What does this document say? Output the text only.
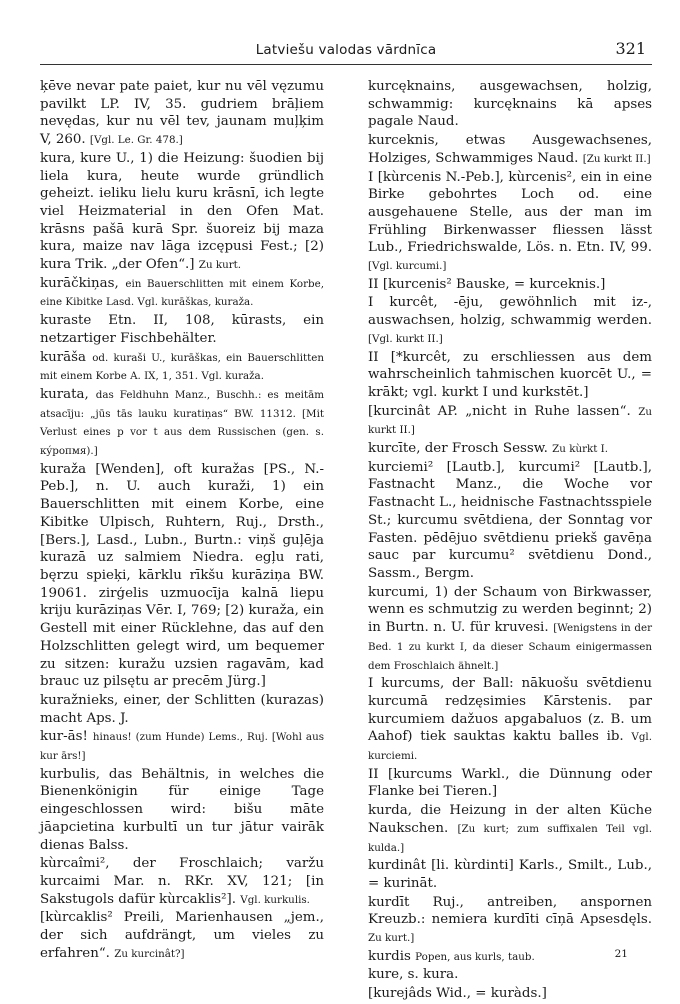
Latviešu valodas vārdnīca	321

ķēve nevar pate paiet, kur nu vēl vęzumu pavilkt LP. IV, 35. gudriem brāļiem nevędas, kur nu vēl tev, jaunam muļķim V, 260. [Vgl. Le. Gr. 478.]

kura, kure U., 1) die Heizung: šuodien bij liela kura, heute wurde gründlich geheizt. ieliku lielu kuru krāsnī, ich legte viel Heizmaterial in den Ofen Mat. krāsns pašā kurā Spr. šuoreiz bij maza kura, maize nav lāga izcępusi Fest.; [2) kura Trik. „der Ofen“.] Zu kurt.

kurāčkiņas, ein Bauerschlitten mit einem Korbe, eine Kibitke Lasd. Vgl. kurāškas, kuraža.

kuraste Etn. II, 108, kūrasts, ein netzartiger Fischbehälter.

kurāša od. kuraši U., kurāškas, ein Bauerschlitten mit einem Korbe A. IX, 1, 351. Vgl. kuraža.

kurata, das Feldhuhn Manz., Buschh.: es meitām atsacīju: „jūs tās lauku kuratiņas“ BW. 11312. [Mit Verlust eines p vor t aus dem Russischen (gen. s. кýропмя).]

kuraža [Wenden], oft kuražas [PS., N.-Peb.], n. U. auch kuraži, 1) ein Bauerschlitten mit einem Korbe, eine Kibitke Ulpisch, Ruhtern, Ruj., Drsth., [Bers.], Lasd., Lubn., Burtn.: viņš guļēja kurazā uz salmiem Niedra. egļu rati, bęrzu spieķi, kārklu rīkšu kurāziņa BW. 19061. zirģelis uzmuocīja kalnā liepu kriju kurāziņas Vēr. I, 769; [2) kuraža, ein Gestell mit einer Rücklehne, das auf den Holzschlitten gelegt wird, um bequemer zu sitzen: kuražu uzsien ragavām, kad brauc uz pilsętu ar precēm Jürg.]

kuražnieks, einer, der Schlitten (kurazas) macht Aps. J.

kur-ās! hinaus! (zum Hunde) Lems., Ruj. [Wohl aus kur ārs!]

kurbulis, das Behältnis, in welches die Bienenkönigin für einige Tage eingeschlossen wird: bišu māte jāapcietina kurbultī un tur jātur vairāk dienas Balss.

kùrcaîmi², der Froschlaich; varžu kurcaimi Mar. n. RKr. XV, 121; [in Sakstugols dafür kùrcaklis²]. Vgl. kurkulis.

[kùrcaklis² Preili, Marienhausen „jem., der sich aufdrängt, um vieles zu erfahren“. Zu kurcinât?]

kurcęknains, ausgewachsen, holzig, schwammig: kurcęknains kā apses pagale Naud.

kurceknis, etwas Ausgewachsenes, Holziges, Schwammiges Naud. [Zu kurkt II.]

I [kùrcenis N.-Peb.], kùrcenis², ein in eine Birke gebohrtes Loch od. eine ausgehauene Stelle, aus der man im Frühling Birkenwasser fliessen lässt Lub., Friedrichswalde, Lös. n. Etn. IV, 99. [Vgl. kurcumi.]

II [kurcenis² Bauske, = kurceknis.]

I kurcêt, -ēju, gewöhnlich mit iz-, auswachsen, holzig, schwammig werden. [Vgl. kurkt II.]

II [*kurcêt, zu erschliessen aus dem wahrscheinlich tahmischen kuorcēt U., = krākt; vgl. kurkt I und kurkstēt.]

[kurcinât AP. „nicht in Ruhe lassen“. Zu kurkt II.]

kurcīte, der Frosch Sessw. Zu kùrkt I.

kurciemi² [Lautb.], kurcumi² [Lautb.], Fastnacht Manz., die Woche vor Fastnacht L., heidnische Fastnachtsspiele St.; kurcumu svētdiena, der Sonntag vor Fasten. pēdējuo svētdienu priekš gavēņa sauc par kurcumu² svētdienu Dond., Sassm., Bergm.

kurcumi, 1) der Schaum von Birkwasser, wenn es schmutzig zu werden beginnt; 2) in Burtn. n. U. für kruvesi. [Wenigstens in der Bed. 1 zu kurkt I, da dieser Schaum einigermassen dem Froschlaich ähnelt.]

I kurcums, der Ball: nākuošu svētdienu kurcumā redzęsimies Kārstenis. par kurcumiem dažuos apgabaluos (z. B. um Aahof) tiek sauktas kaktu balles ib. Vgl. kurciemi.

II [kurcums Warkl., die Dünnung oder Flanke bei Tieren.]

kurda, die Heizung in der alten Küche Naukschen. [Zu kurt; zum suffixalen Teil vgl. kulda.]

kurdinât [li. kùrdinti] Karls., Smilt., Lub., = kurināt.

kurdīt Ruj., antreiben, anspornen Kreuzb.: nemiera kurdīti cīņā Apsesdęls. Zu kurt.]

kurdis Popen, aus kurls, taub.

kure, s. kura.

[kurejâds Wid., = kuràds.]

21
